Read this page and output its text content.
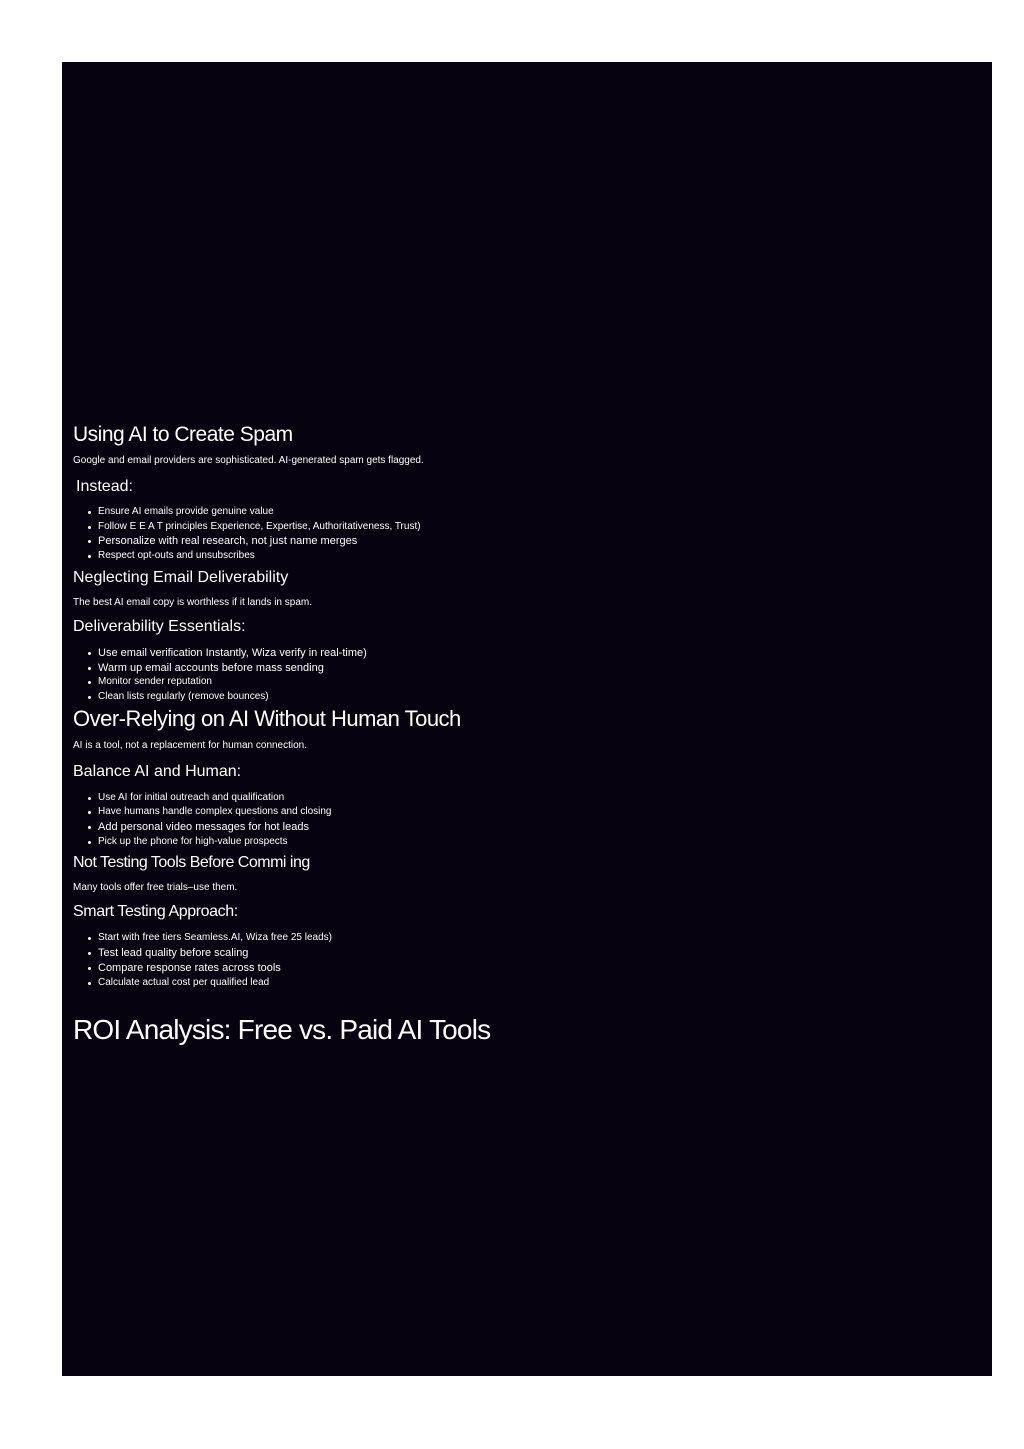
Using AI to Create Spam

Google and email providers are sophisticated. AI-generated spam gets flagged.

Instead:
Ensure AI emails provide genuine value
Follow E E A T principles Experience, Expertise, Authoritativeness, Trust)
Personalize with real research, not just name merges
Respect opt-outs and unsubscribes
Neglecting Email Deliverability

The best AI email copy is worthless if it lands in spam.

Deliverability Essentials:
Use email verification Instantly, Wiza verify in real-time)
Warm up email accounts before mass sending
Monitor sender reputation
Clean lists regularly (remove bounces)
Over-Relying on AI Without Human Touch

AI is a tool, not a replacement for human connection.

Balance AI and Human:
Use AI for initial outreach and qualification
Have humans handle complex questions and closing
Add personal video messages for hot leads
Pick up the phone for high-value prospects
Not Testing Tools Before Commi ing

Many tools offer free trials–use them.

Smart Testing Approach:
Start with free tiers Seamless.AI, Wiza free 25 leads)
Test lead quality before scaling
Compare response rates across tools
Calculate actual cost per qualified lead
ROI Analysis: Free vs. Paid AI Tools
